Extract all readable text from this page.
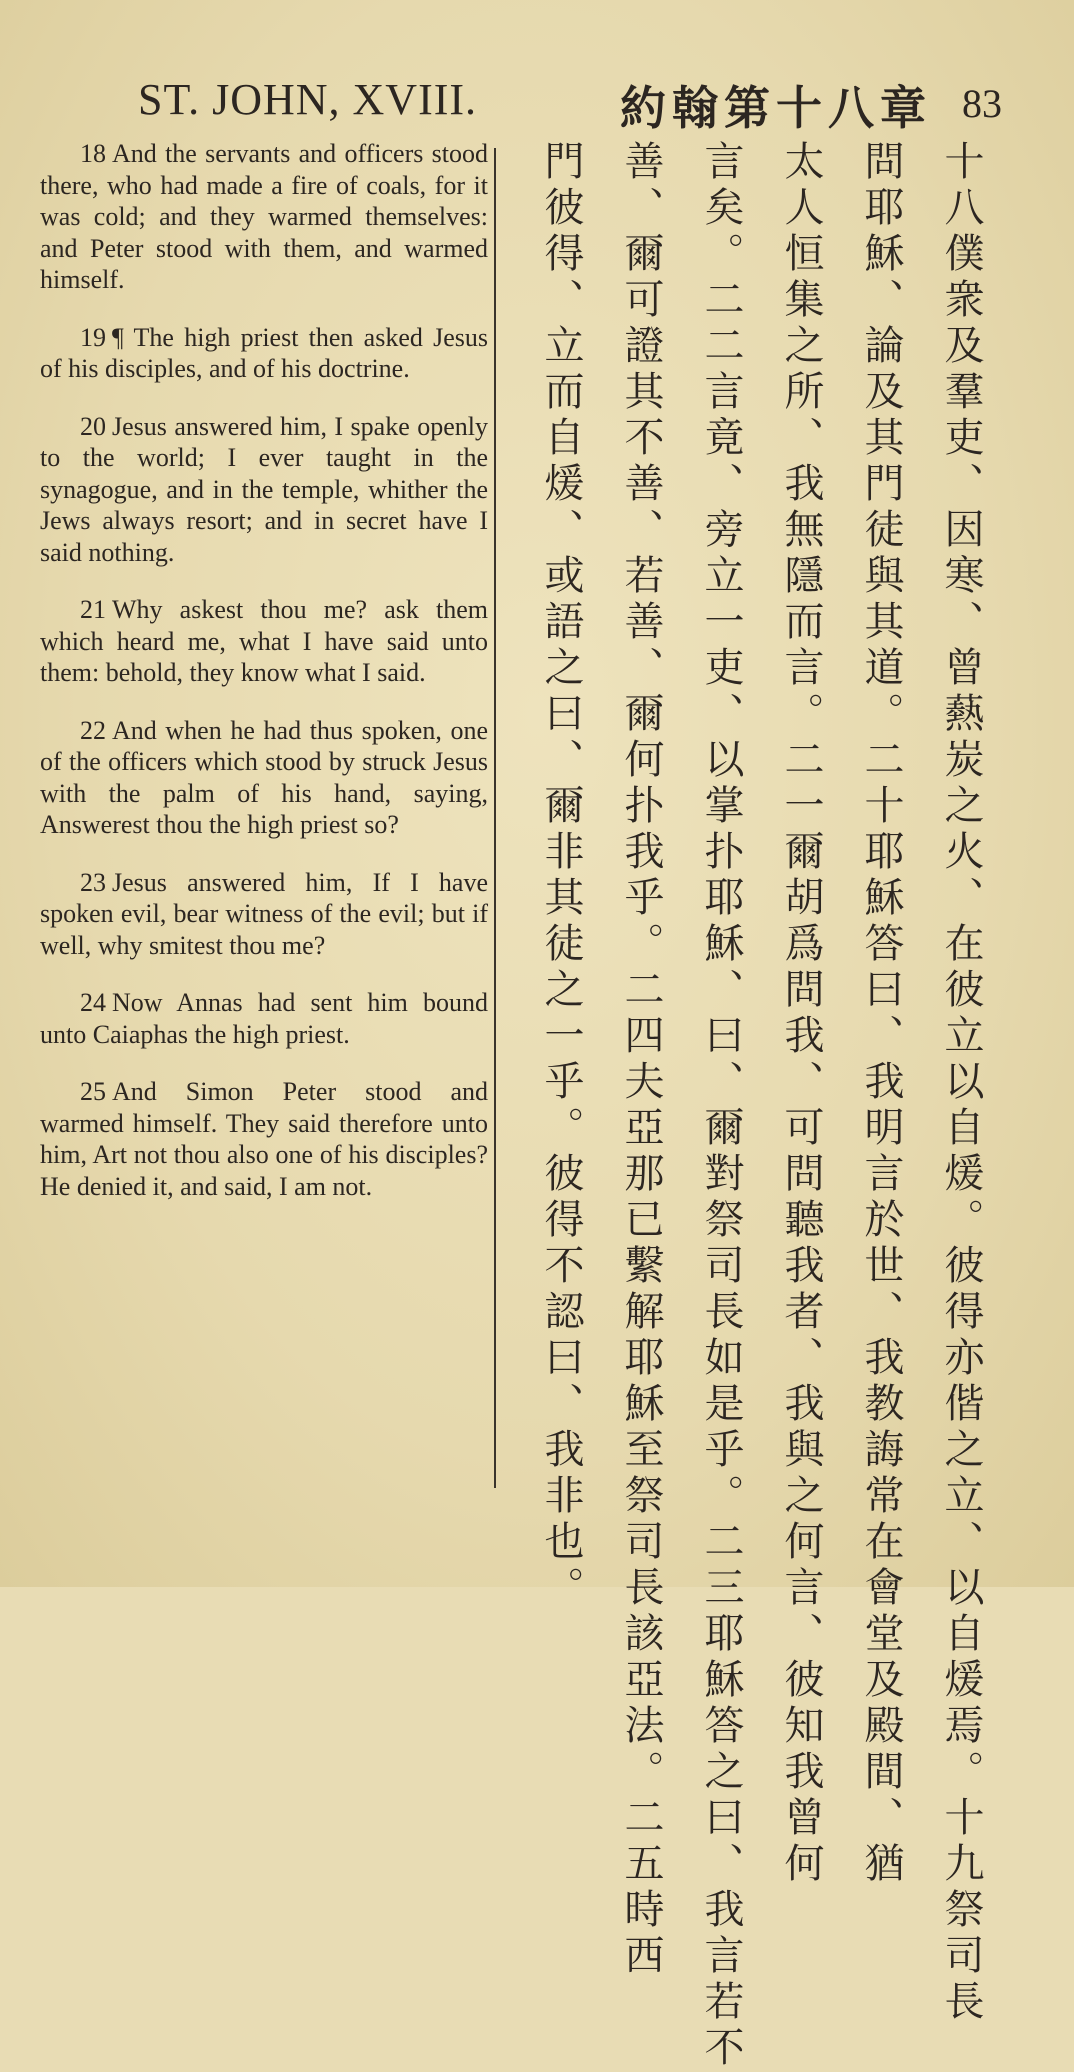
ST. JOHN, XVIII.	約翰第十八章 83

18 And the servants and officers stood there, who had made a fire of coals, for it was cold; and they warmed themselves: and Peter stood with them, and warmed himself.

19 ¶ The high priest then asked Jesus of his disciples, and of his doctrine.

20 Jesus answered him, I spake openly to the world; I ever taught in the synagogue, and in the temple, whither the Jews always resort; and in secret have I said nothing.

21 Why askest thou me? ask them which heard me, what I have said unto them: behold, they know what I said.

22 And when he had thus spoken, one of the officers which stood by struck Jesus with the palm of his hand, saying, Answerest thou the high priest so?

23 Jesus answered him, If I have spoken evil, bear witness of the evil; but if well, why smitest thou me?

24 Now Annas had sent him bound unto Caiaphas the high priest.

25 And Simon Peter stood and warmed himself. They said therefore unto him, Art not thou also one of his disciples? He denied it, and said, I am not.	十八僕衆及羣吏、因寒、曾爇炭之火、在彼立以自煖。彼得亦偕之立、以自煖焉。十九祭司長
問耶穌、論及其門徒與其道。二十耶穌答曰、我明言於世、我教誨常在會堂及殿間、猶
太人恒集之所、我無隱而言。二一爾胡爲問我、可問聽我者、我與之何言、彼知我曾何
言矣。二二言竟、旁立一吏、以掌扑耶穌、曰、爾對祭司長如是乎。二三耶穌答之曰、我言若不
善、爾可證其不善、若善、爾何扑我乎。二四夫亞那已繫解耶穌至祭司長該亞法。二五時西
門彼得、立而自煖、或語之曰、爾非其徒之一乎。彼得不認曰、我非也。
